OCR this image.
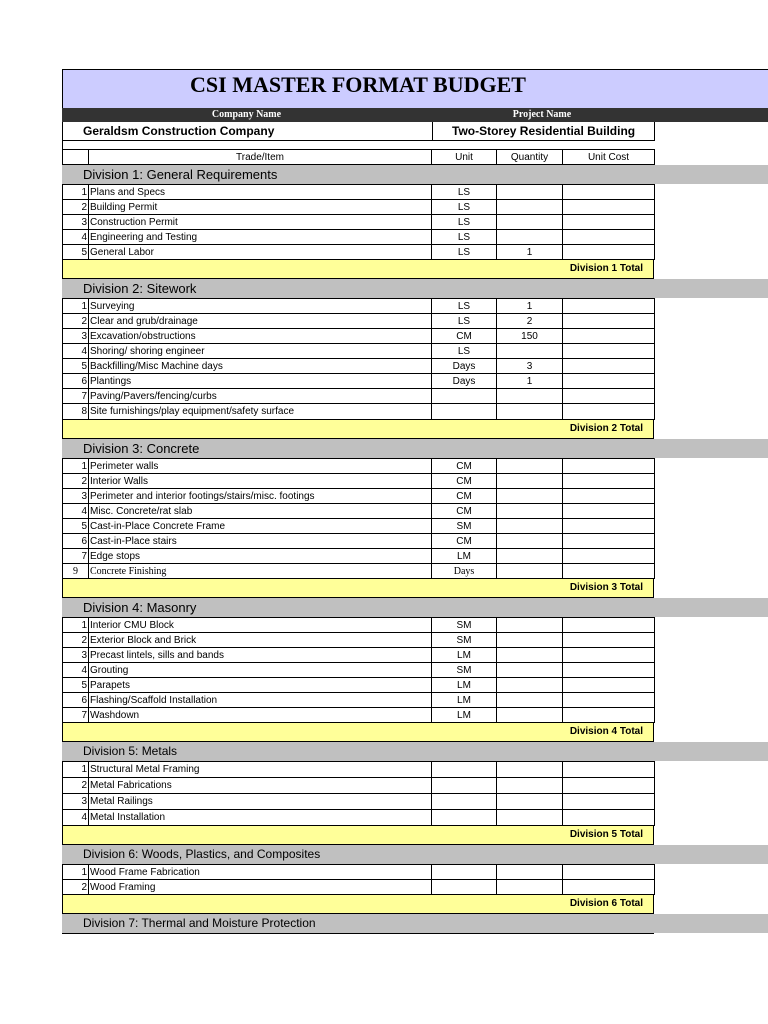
CSI MASTER FORMAT BUDGET
Company Name	Project Name
Geraldsm Construction Company	Two-Storey Residential Building
	Trade/Item	Unit	Quantity	Unit Cost
Division 1: General Requirements
1	Plans and Specs	LS		
2	Building Permit	LS		
3	Construction Permit	LS		
4	Engineering and Testing	LS		
5	General Labor	LS	1	
Division 1 Total
Division 2: Sitework
1	Surveying	LS	1	
2	Clear and grub/drainage	LS	2	
3	Excavation/obstructions	CM	150	
4	Shoring/ shoring engineer	LS		
5	Backfilling/Misc Machine days	Days	3	
6	Plantings	Days	1	
7	Paving/Pavers/fencing/curbs			
8	Site furnishings/play equipment/safety surface			
Division 2 Total
Division 3: Concrete
1	Perimeter walls	CM		
2	Interior Walls	CM		
3	Perimeter and interior footings/stairs/misc. footings	CM		
4	Misc. Concrete/rat slab	CM		
5	Cast-in-Place Concrete Frame	SM		
6	Cast-in-Place stairs	CM		
7	Edge stops	LM		
9	Concrete Finishing	Days		
Division 3 Total
Division 4: Masonry
1	Interior CMU Block	SM		
2	Exterior Block and Brick	SM		
3	Precast lintels, sills and bands	LM		
4	Grouting	SM		
5	Parapets	LM		
6	Flashing/Scaffold Installation	LM		
7	Washdown	LM		
Division 4 Total
Division 5: Metals
1	Structural Metal Framing			
2	Metal Fabrications			
3	Metal Railings			
4	Metal Installation			
Division 5 Total
Division 6: Woods, Plastics, and Composites
1	Wood Frame Fabrication			
2	Wood Framing			
Division 6 Total
Division 7: Thermal and Moisture Protection
